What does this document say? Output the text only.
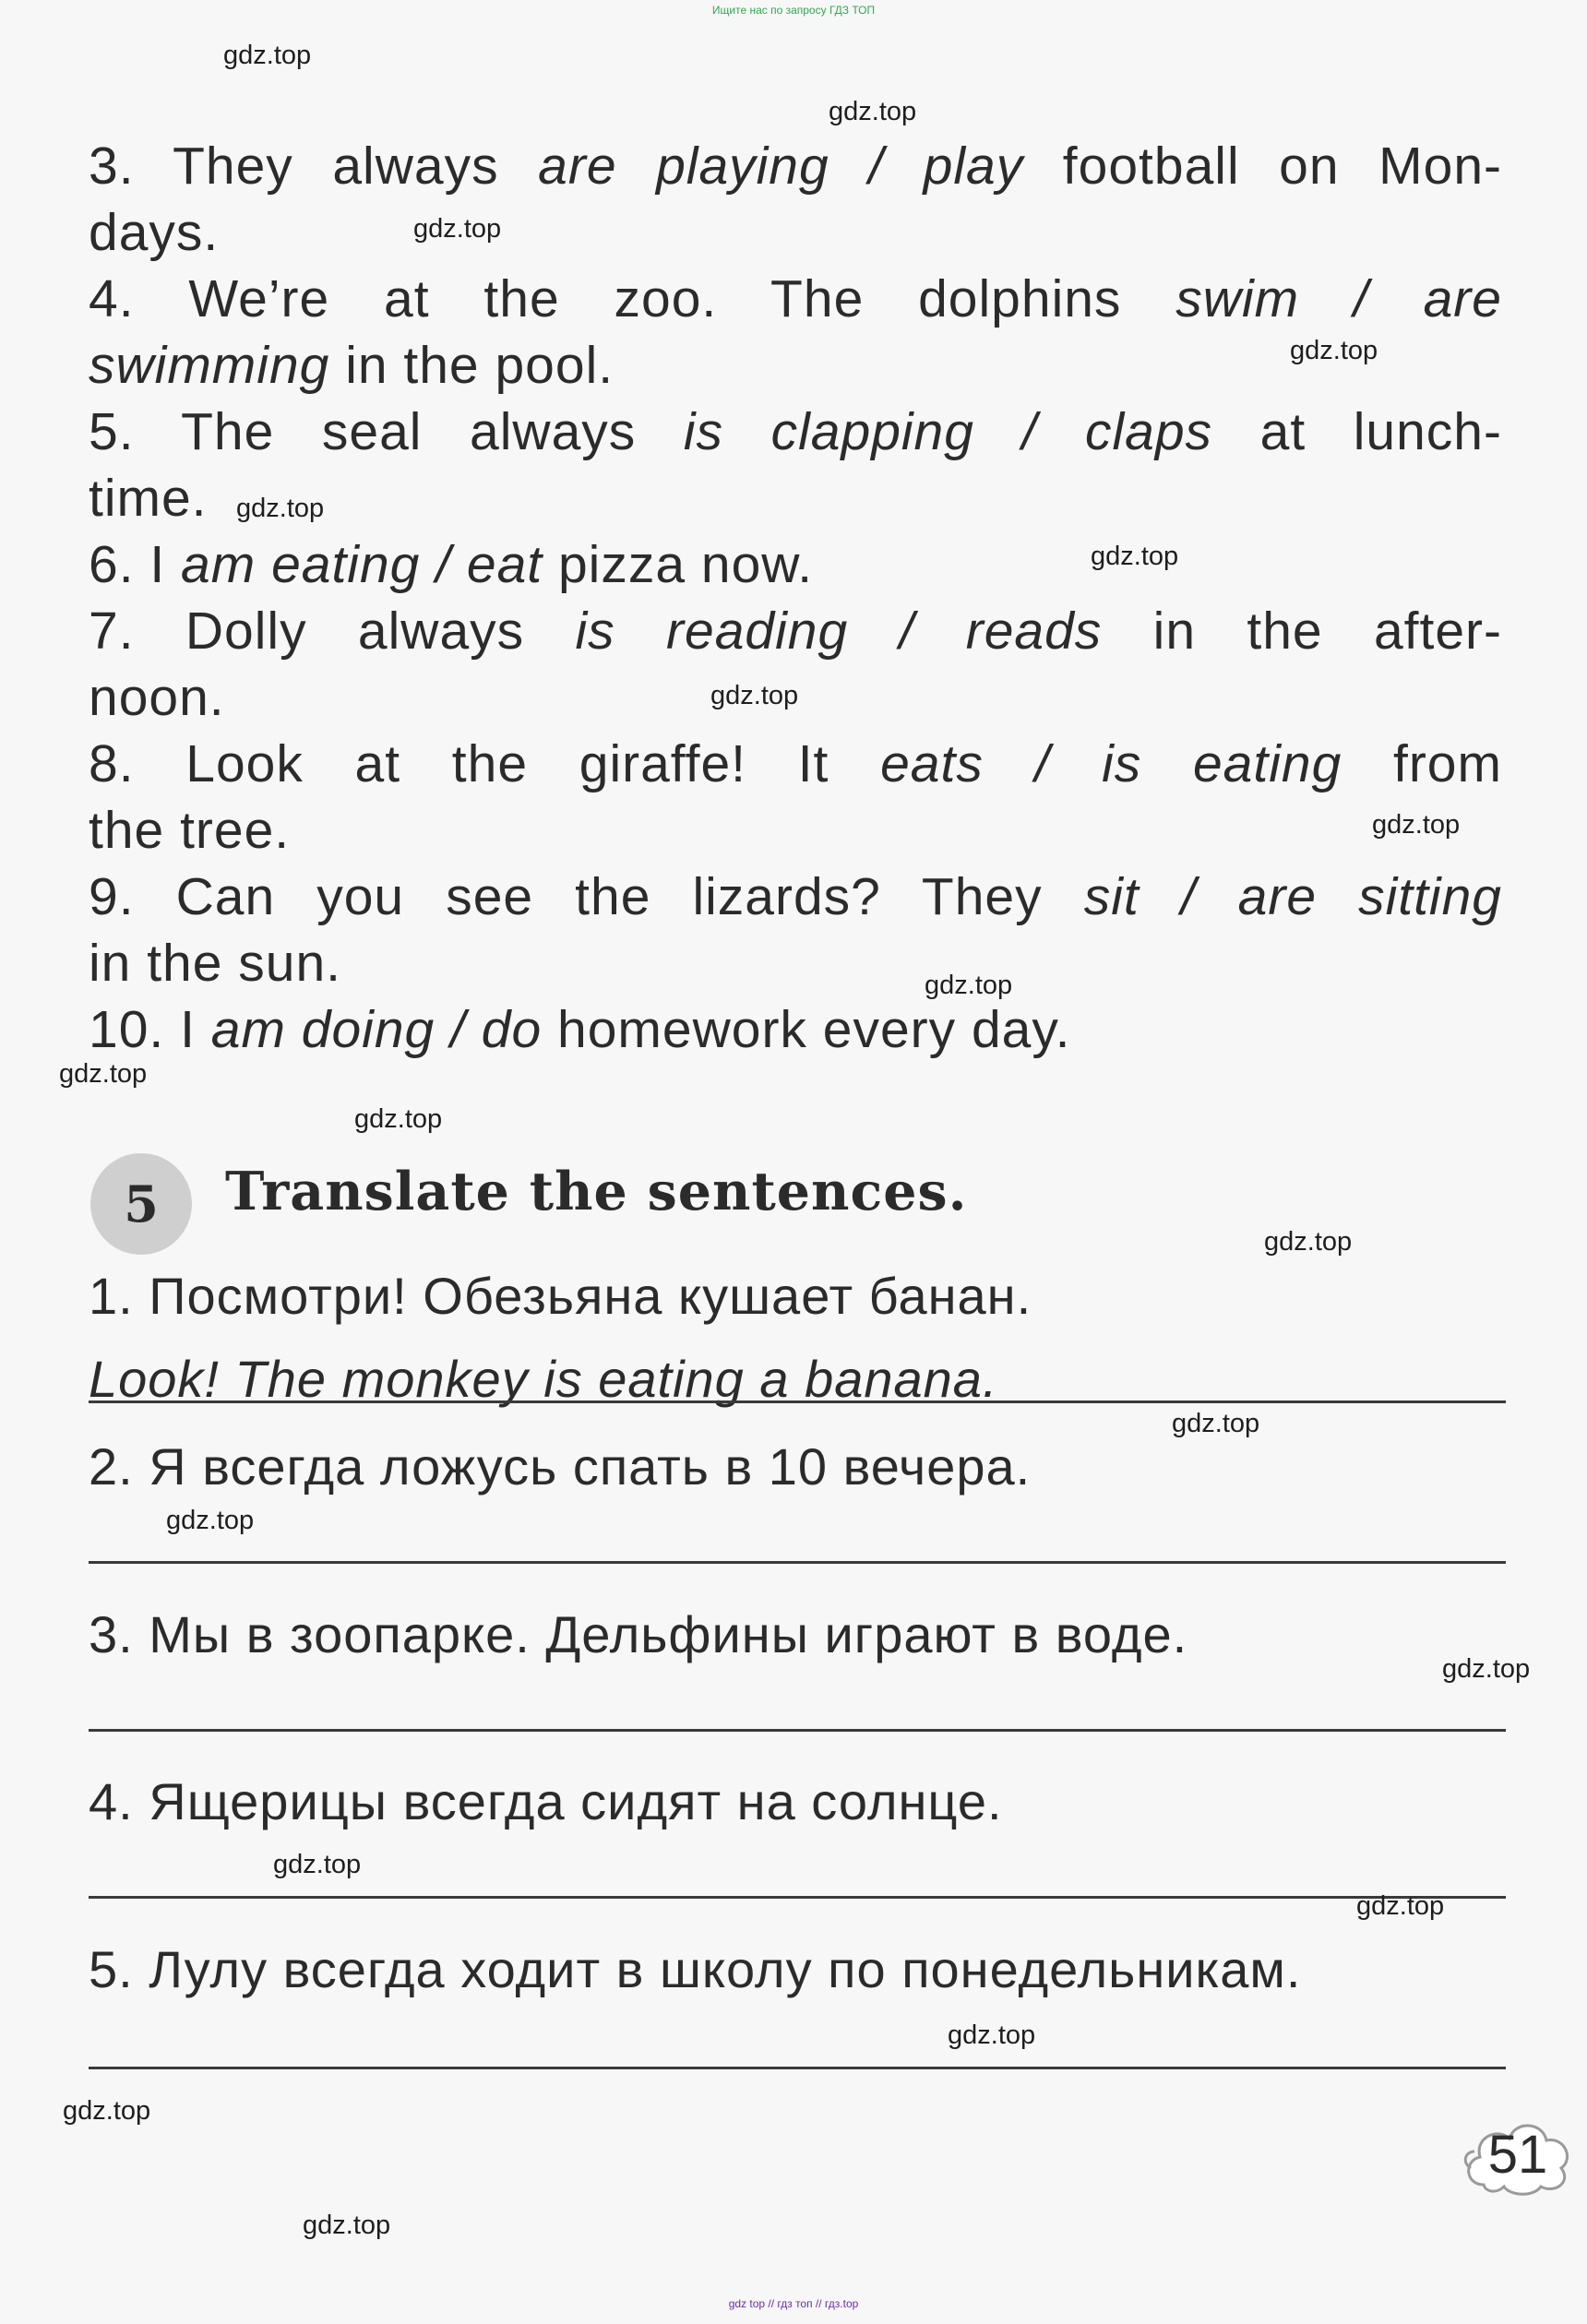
Ищите нас по запросу ГДЗ ТОП

3. They always are playing / play football on Mon-

days.

4. We’re at the zoo. The dolphins swim / are

swimming in the pool.

5. The seal always is clapping / claps at lunch-

time.

6. I am eating / eat pizza now.

7. Dolly always is reading / reads in the after-

noon.

8. Look at the giraffe! It eats / is eating from

the tree.

9. Can you see the lizards? They sit / are sitting

in the sun.

10. I am doing / do homework every day.

5	Translate the sentences.
1. Посмотри! Обезьяна кушает банан.
Look! The monkey is eating a banana.
2. Я всегда ложусь спать в 10 вечера.
3. Мы в зоопарке. Дельфины играют в воде.
4. Ящерицы всегда сидят на солнце.
5. Лулу всегда ходит в школу по понедельникам.
51
gdz.top
gdz.top
gdz.top
gdz.top
gdz.top
gdz.top
gdz.top
gdz.top
gdz.top
gdz.top
gdz.top
gdz.top
gdz.top
gdz.top
gdz.top
gdz.top
gdz.top
gdz.top
gdz.top
gdz.top
gdz top // гдз топ // гдз.top
